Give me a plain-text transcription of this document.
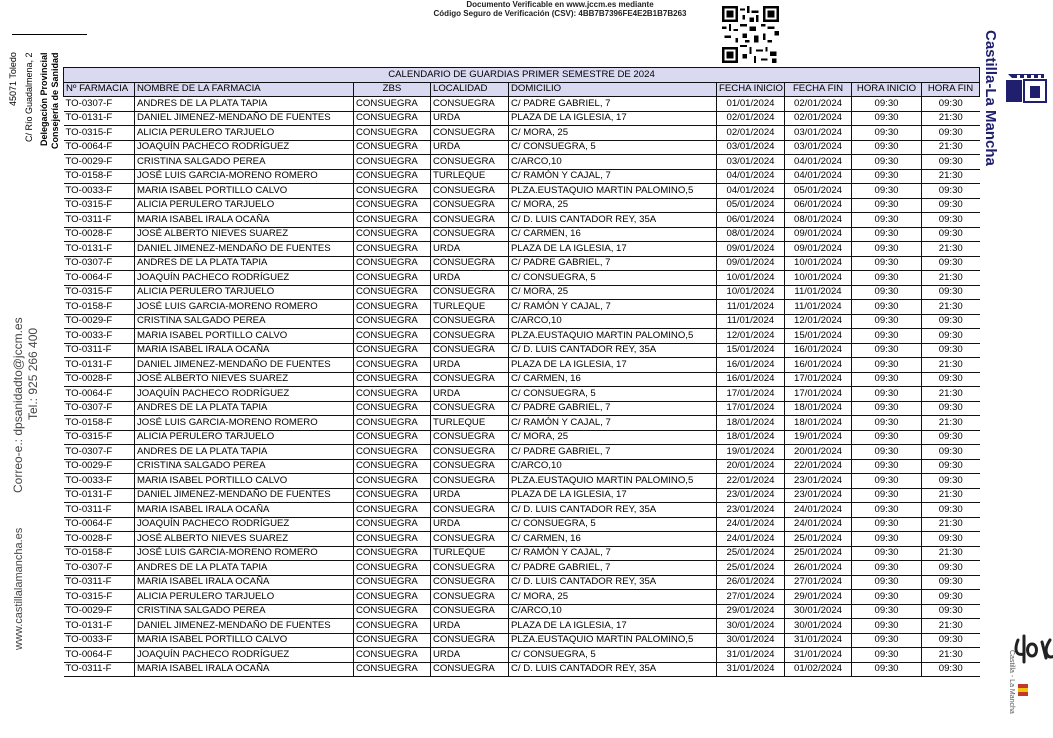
Documento Verificable en www.jccm.es mediante
Código Seguro de Verificación (CSV): 4BB7B7396FE4E2B1B7B263
Consejería de Sanidad
Delegación Provincial
C/ Río Guadalmena, 2
45071 Toledo
Tel.: 925 266 400
Correo-e.: dpsanidadto@jccm.es
www.castillalamancha.es
Castilla-La Mancha
Castilla - La Mancha
CALENDARIO DE GUARDIAS PRIMER SEMESTRE DE 2024								
Nº FARMACIA	NOMBRE DE LA FARMACIA	ZBS	LOCALIDAD	DOMICILIO	FECHA INICIO	FECHA FIN	HORA INICIO	HORA FIN
TO-0307-F	ANDRES DE LA PLATA TAPIA	CONSUEGRA	CONSUEGRA	C/ PADRE GABRIEL, 7	01/01/2024	02/01/2024	09:30	09:30
TO-0131-F	DANIEL JIMENEZ-MENDAÑO DE FUENTES	CONSUEGRA	URDA	PLAZA DE LA IGLESIA, 17	02/01/2024	02/01/2024	09:30	21:30
TO-0315-F	ALICIA PERULERO TARJUELO	CONSUEGRA	CONSUEGRA	C/ MORA, 25	02/01/2024	03/01/2024	09:30	09:30
TO-0064-F	JOAQUÍN PACHECO RODRÍGUEZ	CONSUEGRA	URDA	C/ CONSUEGRA, 5	03/01/2024	03/01/2024	09:30	21:30
TO-0029-F	CRISTINA SALGADO PEREA	CONSUEGRA	CONSUEGRA	C/ARCO,10	03/01/2024	04/01/2024	09:30	09:30
TO-0158-F	JOSÉ LUIS GARCIA-MORENO ROMERO	CONSUEGRA	TURLEQUE	C/ RAMÓN Y CAJAL, 7	04/01/2024	04/01/2024	09:30	21:30
TO-0033-F	MARIA ISABEL PORTILLO CALVO	CONSUEGRA	CONSUEGRA	PLZA.EUSTAQUIO MARTIN PALOMINO,5	04/01/2024	05/01/2024	09:30	09:30
TO-0315-F	ALICIA PERULERO TARJUELO	CONSUEGRA	CONSUEGRA	C/ MORA, 25	05/01/2024	06/01/2024	09:30	09:30
TO-0311-F	MARIA ISABEL IRALA OCAÑA	CONSUEGRA	CONSUEGRA	C/ D. LUIS CANTADOR REY, 35A	06/01/2024	08/01/2024	09:30	09:30
TO-0028-F	JOSÉ ALBERTO NIEVES SUAREZ	CONSUEGRA	CONSUEGRA	C/ CARMEN, 16	08/01/2024	09/01/2024	09:30	09:30
TO-0131-F	DANIEL JIMENEZ-MENDAÑO DE FUENTES	CONSUEGRA	URDA	PLAZA DE LA IGLESIA, 17	09/01/2024	09/01/2024	09:30	21:30
TO-0307-F	ANDRES DE LA PLATA TAPIA	CONSUEGRA	CONSUEGRA	C/ PADRE GABRIEL, 7	09/01/2024	10/01/2024	09:30	09:30
TO-0064-F	JOAQUÍN PACHECO RODRÍGUEZ	CONSUEGRA	URDA	C/ CONSUEGRA, 5	10/01/2024	10/01/2024	09:30	21:30
TO-0315-F	ALICIA PERULERO TARJUELO	CONSUEGRA	CONSUEGRA	C/ MORA, 25	10/01/2024	11/01/2024	09:30	09:30
TO-0158-F	JOSÉ LUIS GARCIA-MORENO ROMERO	CONSUEGRA	TURLEQUE	C/ RAMÓN Y CAJAL, 7	11/01/2024	11/01/2024	09:30	21:30
TO-0029-F	CRISTINA SALGADO PEREA	CONSUEGRA	CONSUEGRA	C/ARCO,10	11/01/2024	12/01/2024	09:30	09:30
TO-0033-F	MARIA ISABEL PORTILLO CALVO	CONSUEGRA	CONSUEGRA	PLZA.EUSTAQUIO MARTIN PALOMINO,5	12/01/2024	15/01/2024	09:30	09:30
TO-0311-F	MARIA ISABEL IRALA OCAÑA	CONSUEGRA	CONSUEGRA	C/ D. LUIS CANTADOR REY, 35A	15/01/2024	16/01/2024	09:30	09:30
TO-0131-F	DANIEL JIMENEZ-MENDAÑO DE FUENTES	CONSUEGRA	URDA	PLAZA DE LA IGLESIA, 17	16/01/2024	16/01/2024	09:30	21:30
TO-0028-F	JOSÉ ALBERTO NIEVES SUAREZ	CONSUEGRA	CONSUEGRA	C/ CARMEN, 16	16/01/2024	17/01/2024	09:30	09:30
TO-0064-F	JOAQUÍN PACHECO RODRÍGUEZ	CONSUEGRA	URDA	C/ CONSUEGRA, 5	17/01/2024	17/01/2024	09:30	21:30
TO-0307-F	ANDRES DE LA PLATA TAPIA	CONSUEGRA	CONSUEGRA	C/ PADRE GABRIEL, 7	17/01/2024	18/01/2024	09:30	09:30
TO-0158-F	JOSÉ LUIS GARCIA-MORENO ROMERO	CONSUEGRA	TURLEQUE	C/ RAMÓN Y CAJAL, 7	18/01/2024	18/01/2024	09:30	21:30
TO-0315-F	ALICIA PERULERO TARJUELO	CONSUEGRA	CONSUEGRA	C/ MORA, 25	18/01/2024	19/01/2024	09:30	09:30
TO-0307-F	ANDRES DE LA PLATA TAPIA	CONSUEGRA	CONSUEGRA	C/ PADRE GABRIEL, 7	19/01/2024	20/01/2024	09:30	09:30
TO-0029-F	CRISTINA SALGADO PEREA	CONSUEGRA	CONSUEGRA	C/ARCO,10	20/01/2024	22/01/2024	09:30	09:30
TO-0033-F	MARIA ISABEL PORTILLO CALVO	CONSUEGRA	CONSUEGRA	PLZA.EUSTAQUIO MARTIN PALOMINO,5	22/01/2024	23/01/2024	09:30	09:30
TO-0131-F	DANIEL JIMENEZ-MENDAÑO DE FUENTES	CONSUEGRA	URDA	PLAZA DE LA IGLESIA, 17	23/01/2024	23/01/2024	09:30	21:30
TO-0311-F	MARIA ISABEL IRALA OCAÑA	CONSUEGRA	CONSUEGRA	C/ D. LUIS CANTADOR REY, 35A	23/01/2024	24/01/2024	09:30	09:30
TO-0064-F	JOAQUÍN PACHECO RODRÍGUEZ	CONSUEGRA	URDA	C/ CONSUEGRA, 5	24/01/2024	24/01/2024	09:30	21:30
TO-0028-F	JOSÉ ALBERTO NIEVES SUAREZ	CONSUEGRA	CONSUEGRA	C/ CARMEN, 16	24/01/2024	25/01/2024	09:30	09:30
TO-0158-F	JOSÉ LUIS GARCIA-MORENO ROMERO	CONSUEGRA	TURLEQUE	C/ RAMÓN Y CAJAL, 7	25/01/2024	25/01/2024	09:30	21:30
TO-0307-F	ANDRES DE LA PLATA TAPIA	CONSUEGRA	CONSUEGRA	C/ PADRE GABRIEL, 7	25/01/2024	26/01/2024	09:30	09:30
TO-0311-F	MARIA ISABEL IRALA OCAÑA	CONSUEGRA	CONSUEGRA	C/ D. LUIS CANTADOR REY, 35A	26/01/2024	27/01/2024	09:30	09:30
TO-0315-F	ALICIA PERULERO TARJUELO	CONSUEGRA	CONSUEGRA	C/ MORA, 25	27/01/2024	29/01/2024	09:30	09:30
TO-0029-F	CRISTINA SALGADO PEREA	CONSUEGRA	CONSUEGRA	C/ARCO,10	29/01/2024	30/01/2024	09:30	09:30
TO-0131-F	DANIEL JIMENEZ-MENDAÑO DE FUENTES	CONSUEGRA	URDA	PLAZA DE LA IGLESIA, 17	30/01/2024	30/01/2024	09:30	21:30
TO-0033-F	MARIA ISABEL PORTILLO CALVO	CONSUEGRA	CONSUEGRA	PLZA.EUSTAQUIO MARTIN PALOMINO,5	30/01/2024	31/01/2024	09:30	09:30
TO-0064-F	JOAQUÍN PACHECO RODRÍGUEZ	CONSUEGRA	URDA	C/ CONSUEGRA, 5	31/01/2024	31/01/2024	09:30	21:30
TO-0311-F	MARIA ISABEL IRALA OCAÑA	CONSUEGRA	CONSUEGRA	C/ D. LUIS CANTADOR REY, 35A	31/01/2024	01/02/2024	09:30	09:30
